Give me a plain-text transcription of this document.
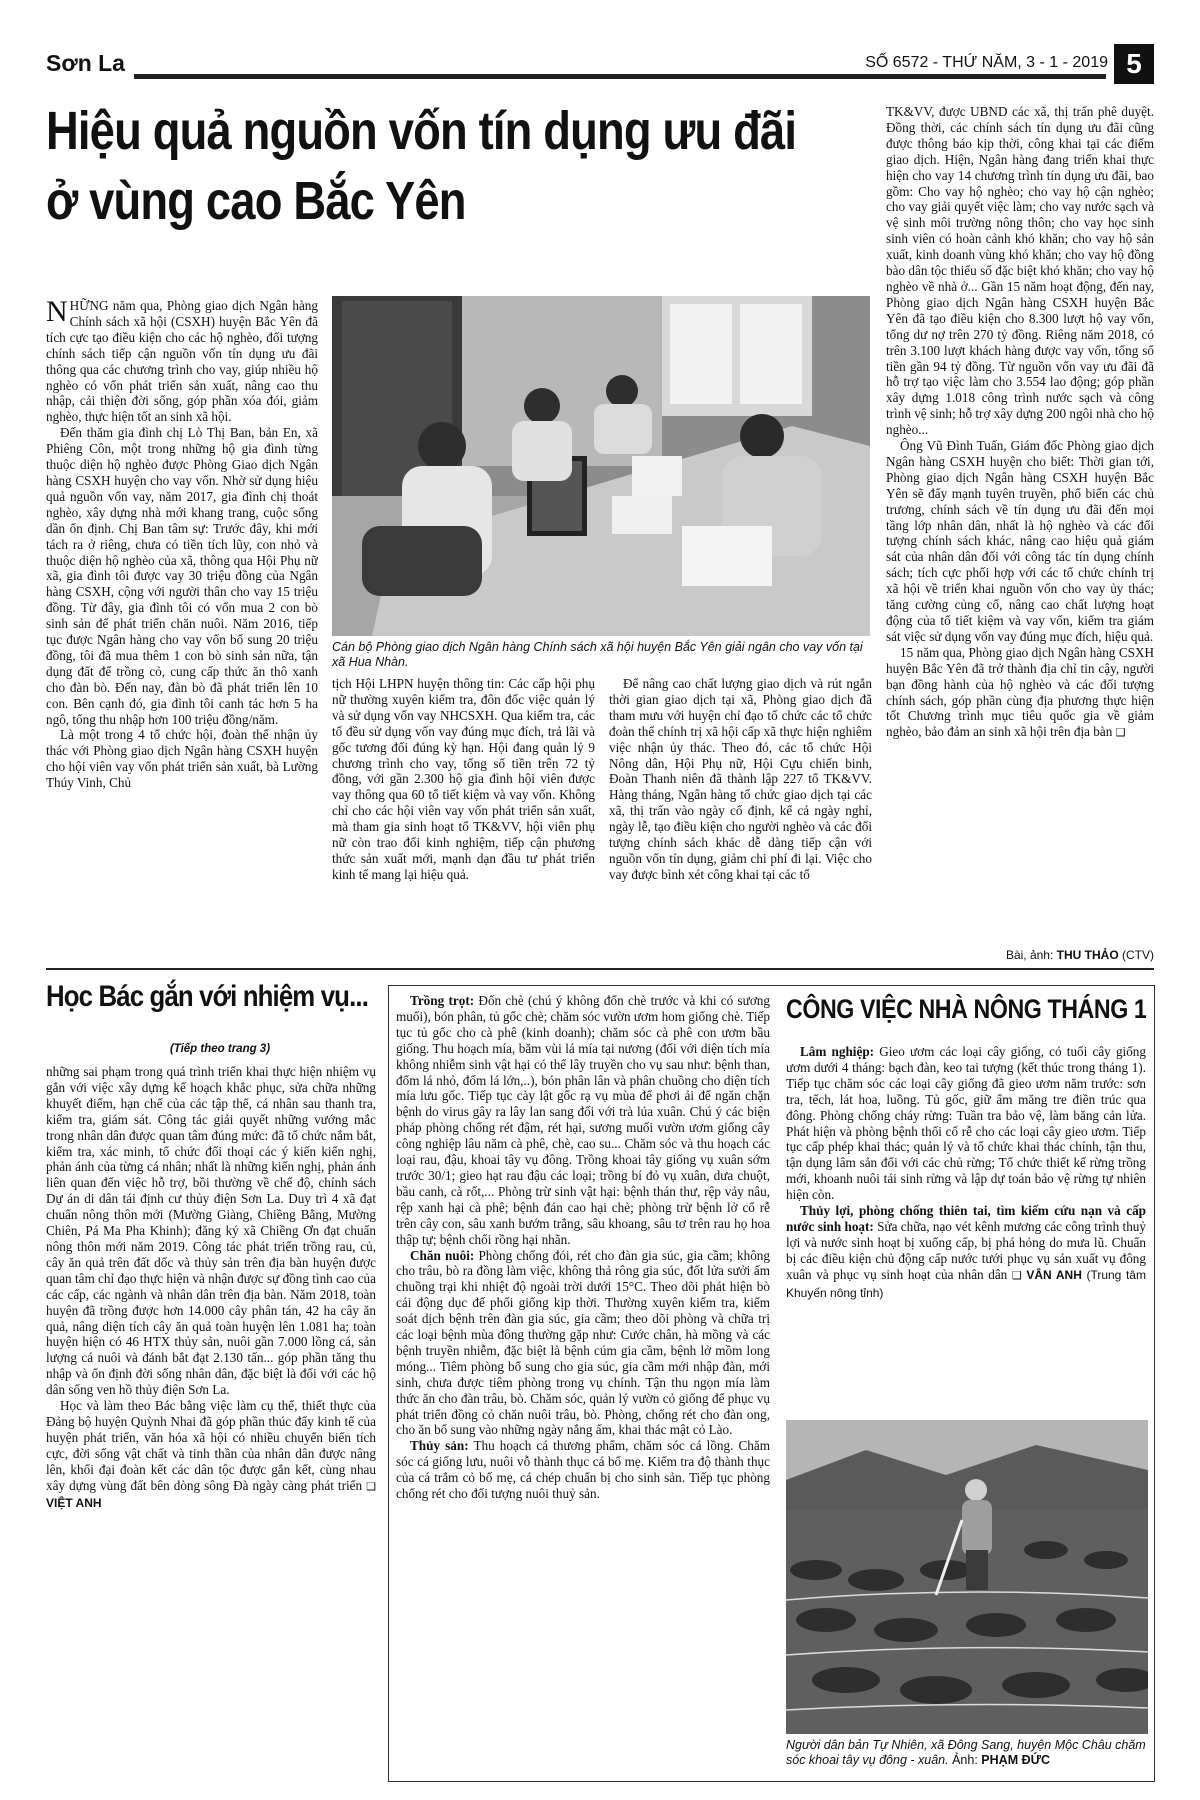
Sơn La	SỐ 6572 - THỨ NĂM, 3 - 1 - 2019 5
Hiệu quả nguồn vốn tín dụng ưu đãi
ở vùng cao Bắc Yên

NHỮNG năm qua, Phòng giao dịch Ngân hàng Chính sách xã hội (CSXH) huyện Bắc Yên đã tích cực tạo điều kiện cho các hộ nghèo, đối tượng chính sách tiếp cận nguồn vốn tín dụng ưu đãi thông qua các chương trình cho vay, giúp nhiều hộ nghèo có vốn phát triển sản xuất, nâng cao thu nhập, cải thiện đời sống, góp phần xóa đói, giảm nghèo, thực hiện tốt an sinh xã hội.

Đến thăm gia đình chị Lò Thị Ban, bản En, xã Phiêng Côn, một trong những hộ gia đình từng thuộc diện hộ nghèo được Phòng Giao dịch Ngân hàng CSXH huyện cho vay vốn. Nhờ sử dụng hiệu quả nguồn vốn vay, năm 2017, gia đình chị thoát nghèo, xây dựng nhà mới khang trang, cuộc sống dần ổn định. Chị Ban tâm sự: Trước đây, khi mới tách ra ở riêng, chưa có tiền tích lũy, con nhỏ và thuộc diện hộ nghèo của xã, thông qua Hội Phụ nữ xã, gia đình tôi được vay 30 triệu đồng của Ngân hàng CSXH, cộng với người thân cho vay 15 triệu đồng. Từ đây, gia đình tôi có vốn mua 2 con bò sinh sản để phát triển chăn nuôi. Năm 2016, tiếp tục được Ngân hàng cho vay vốn bổ sung 20 triệu đồng, tôi đã mua thêm 1 con bò sinh sản nữa, tận dụng đất để trồng cỏ, cung cấp thức ăn thô xanh cho đàn bò. Đến nay, đàn bò đã phát triển lên 10 con. Bên cạnh đó, gia đình tôi canh tác hơn 5 ha ngô, tổng thu nhập hơn 100 triệu đồng/năm.

Là một trong 4 tổ chức hội, đoàn thể nhận ủy thác với Phòng giao dịch Ngân hàng CSXH huyện cho hội viên vay vốn phát triển sản xuất, bà Lường Thúy Vinh, Chủ

Cán bộ Phòng giao dịch Ngân hàng Chính sách xã hội huyện Bắc Yên giải ngân cho vay vốn tại xã Hua Nhàn.

tịch Hội LHPN huyện thông tin: Các cấp hội phụ nữ thường xuyên kiểm tra, đôn đốc việc quản lý và sử dụng vốn vay NHCSXH. Qua kiểm tra, các tổ đều sử dụng vốn vay đúng mục đích, trả lãi và gốc tương đối đúng kỳ hạn. Hội đang quản lý 9 chương trình cho vay, tổng số tiền trên 72 tỷ đồng, với gần 2.300 hộ gia đình hội viên được vay thông qua 60 tổ tiết kiệm và vay vốn. Không chỉ cho các hội viên vay vốn phát triển sản xuất, mà tham gia sinh hoạt tổ TK&VV, hội viên phụ nữ còn trao đổi kinh nghiệm, tiếp cận phương thức sản xuất mới, mạnh dạn đầu tư phát triển kinh tế mang lại hiệu quả.

Để nâng cao chất lượng giao dịch và rút ngắn thời gian giao dịch tại xã, Phòng giao dịch đã tham mưu với huyện chỉ đạo tổ chức các tổ chức đoàn thể chính trị xã hội cấp xã thực hiện nghiêm việc nhận ủy thác. Theo đó, các tổ chức Hội Nông dân, Hội Phụ nữ, Hội Cựu chiến binh, Đoàn Thanh niên đã thành lập 227 tổ TK&VV. Hàng tháng, Ngân hàng tổ chức giao dịch tại các xã, thị trấn vào ngày cố định, kể cả ngày nghỉ, ngày lễ, tạo điều kiện cho người nghèo và các đối tượng chính sách khác dễ dàng tiếp cận với nguồn vốn tín dụng, giảm chi phí đi lại. Việc cho vay được bình xét công khai tại các tổ

TK&VV, được UBND các xã, thị trấn phê duyệt. Đồng thời, các chính sách tín dụng ưu đãi cũng được thông báo kịp thời, công khai tại các điểm giao dịch. Hiện, Ngân hàng đang triển khai thực hiện cho vay 14 chương trình tín dụng ưu đãi, bao gồm: Cho vay hộ nghèo; cho vay hộ cận nghèo; cho vay giải quyết việc làm; cho vay nước sạch và vệ sinh môi trường nông thôn; cho vay học sinh sinh viên có hoàn cảnh khó khăn; cho vay hộ sản xuất, kinh doanh vùng khó khăn; cho vay hộ đồng bào dân tộc thiểu số đặc biệt khó khăn; cho vay hộ nghèo về nhà ở... Gần 15 năm hoạt động, đến nay, Phòng giao dịch Ngân hàng CSXH huyện Bắc Yên đã tạo điều kiện cho 8.300 lượt hộ vay vốn, tổng dư nợ trên 270 tỷ đồng. Riêng năm 2018, có trên 3.100 lượt khách hàng được vay vốn, tổng số tiền gần 94 tỷ đồng. Từ nguồn vốn vay ưu đãi đã hỗ trợ tạo việc làm cho 3.554 lao động; góp phần xây dựng 1.018 công trình nước sạch và công trình vệ sinh; hỗ trợ xây dựng 200 ngôi nhà cho hộ nghèo...

Ông Vũ Đình Tuấn, Giám đốc Phòng giao dịch Ngân hàng CSXH huyện cho biết: Thời gian tới, Phòng giao dịch Ngân hàng CSXH huyện Bắc Yên sẽ đẩy mạnh tuyên truyền, phổ biến các chủ trương, chính sách về tín dụng ưu đãi đến mọi tầng lớp nhân dân, nhất là hộ nghèo và các đối tượng chính sách khác, nâng cao hiệu quả giám sát của nhân dân đối với công tác tín dụng chính sách; tích cực phối hợp với các tổ chức chính trị xã hội về triển khai nguồn vốn cho vay ủy thác; tăng cường củng cố, nâng cao chất lượng hoạt động của tổ tiết kiệm và vay vốn, kiểm tra giám sát việc sử dụng vốn vay đúng mục đích, hiệu quả.

15 năm qua, Phòng giao dịch Ngân hàng CSXH huyện Bắc Yên đã trở thành địa chỉ tin cậy, người bạn đồng hành của hộ nghèo và các đối tượng chính sách, góp phần cùng địa phương thực hiện tốt Chương trình mục tiêu quốc gia về giảm nghèo, bảo đảm an sinh xã hội trên địa bàn ❑

Bài, ảnh: THU THẢO (CTV)
Học Bác gắn với nhiệm vụ...
(Tiếp theo trang 3)

những sai phạm trong quá trình triển khai thực hiện nhiệm vụ gắn với việc xây dựng kế hoạch khắc phục, sửa chữa những khuyết điểm, hạn chế của các tập thể, cá nhân sau thanh tra, kiểm tra, giám sát. Công tác giải quyết những vướng mắc trong nhân dân được quan tâm đúng mức: đã tổ chức nắm bắt, kiểm tra, xác minh, tổ chức đối thoại các ý kiến kiến nghị, phản ánh của từng cá nhân; nhất là những kiến nghị, phản ánh liên quan đến việc hỗ trợ, bồi thường về chế độ, chính sách Dự án di dân tái định cư thủy điện Sơn La. Duy trì 4 xã đạt chuẩn nông thôn mới (Mường Giàng, Chiềng Bằng, Mường Chiên, Pá Ma Pha Khinh); đăng ký xã Chiềng Ơn đạt chuẩn nông thôn mới năm 2019. Công tác phát triển trồng rau, củ, cây ăn quả trên đất dốc và thủy sản trên địa bàn huyện được quan tâm chỉ đạo thực hiện và nhận được sự đồng tình cao của các cấp, các ngành và nhân dân trên địa bàn. Năm 2018, toàn huyện đã trồng được hơn 14.000 cây phân tán, 42 ha cây ăn quả, nâng diện tích cây ăn quả toàn huyện lên 1.081 ha; toàn huyện hiện có 46 HTX thủy sản, nuôi gần 7.000 lồng cá, sản lượng cá nuôi và đánh bắt đạt 2.130 tấn... góp phần tăng thu nhập và ổn định đời sống nhân dân, đặc biệt là đối với các hộ dân sống ven hồ thủy điện Sơn La.

Học và làm theo Bác bằng việc làm cụ thể, thiết thực của Đảng bộ huyện Quỳnh Nhai đã góp phần thúc đẩy kinh tế của huyện phát triển, văn hóa xã hội có nhiều chuyển biến tích cực, đời sống vật chất và tinh thần của nhân dân được nâng lên, khối đại đoàn kết các dân tộc được gắn kết, cùng nhau xây dựng vùng đất bên dòng sông Đà ngày càng phát triển ❑ VIỆT ANH

Trồng trọt: Đốn chè (chú ý không đốn chè trước và khi có sương muối), bón phân, tủ gốc chè; chăm sóc vườn ươm hom giống chè. Tiếp tục tủ gốc cho cà phê (kinh doanh); chăm sóc cà phê con ươm bầu giống. Thu hoạch mía, băm vùi lá mía tại nương (đối với diện tích mía không nhiễm sinh vật hại có thể lây truyền cho vụ sau như: bệnh than, đốm lá nhỏ, đốm lá lớn,..), bón phân lân và phân chuồng cho diện tích mía lưu gốc. Tiếp tục cày lật gốc rạ vụ mùa để phơi ải để ngăn chặn bệnh do virus gây ra lây lan sang đối với trà lúa xuân. Chú ý các biện pháp phòng chống rét đậm, rét hại, sương muối vườn ươm giống cây công nghiệp lâu năm cà phê, chè, cao su... Chăm sóc và thu hoạch các loại rau, đậu, khoai tây vụ đông. Trồng khoai tây giống vụ xuân sớm trước 30/1; gieo hạt rau đậu các loại; trồng bí đỏ vụ xuân, dưa chuột, bầu canh, cà rốt,... Phòng trừ sinh vật hại: bệnh thán thư, rệp vảy nâu, rệp xanh hại cà phê; bệnh đán cao hại chè; phòng trừ bệnh lở cổ rễ trên cây con, sâu xanh bướm trắng, sâu khoang, sâu tơ trên rau họ hoa thập tự; bệnh chổi rồng hại nhãn.

Chăn nuôi: Phòng chống đói, rét cho đàn gia súc, gia cầm; không cho trâu, bò ra đồng làm việc, không thả rông gia súc, đốt lửa sưởi ấm chuồng trại khi nhiệt độ ngoài trời dưới 15°C. Theo dõi phát hiện bò cái động dục để phối giống kịp thời. Thường xuyên kiểm tra, kiểm soát dịch bệnh trên đàn gia súc, gia cầm; theo dõi phòng và chữa trị các loại bệnh mùa đông thường gặp như: Cước chân, hà mồng và các bệnh truyền nhiễm, đặc biệt là bệnh cúm gia cầm, bệnh lở mồm long móng... Tiêm phòng bổ sung cho gia súc, gia cầm mới nhập đàn, mới sinh, chưa được tiêm phòng trong vụ chính. Tận thu ngọn mía làm thức ăn cho đàn trâu, bò. Chăm sóc, quản lý vườn cỏ giống để phục vụ phát triển đồng cỏ chăn nuôi trâu, bò. Phòng, chống rét cho đàn ong, cho ăn bổ sung vào những ngày nắng ấm, khai thác mật cỏ Lào.

Thủy sản: Thu hoạch cá thương phẩm, chăm sóc cá lồng. Chăm sóc cá giống lưu, nuôi vỗ thành thục cá bố mẹ. Kiểm tra độ thành thục của cá trắm cỏ bố mẹ, cá chép chuẩn bị cho sinh sản. Tiếp tục phòng chống rét cho đối tượng nuôi thuỷ sản.

CÔNG VIỆC NHÀ NÔNG THÁNG 1

Lâm nghiệp: Gieo ươm các loại cây giống, có tuổi cây giống ươm dưới 4 tháng: bạch đàn, keo tai tượng (kết thúc trong tháng 1). Tiếp tục chăm sóc các loại cây giống đã gieo ươm năm trước: sơn tra, tếch, lát hoa, luồng. Tủ gốc, giữ ẩm măng tre điền trúc qua đông. Phòng chống cháy rừng: Tuần tra bảo vệ, làm băng cản lửa. Phát hiện và phòng bệnh thối cổ rễ cho các loại cây gieo ươm. Tiếp tục cấp phép khai thác; quản lý và tổ chức khai thác chính, tận thu, tận dụng lâm sản đối với các chủ rừng; Tổ chức thiết kế rừng trồng mới, khoanh nuôi tái sinh rừng và lập dự toán bảo vệ rừng tự nhiên hiện còn.

Thủy lợi, phòng chống thiên tai, tìm kiếm cứu nạn và cấp nước sinh hoạt: Sửa chữa, nạo vét kênh mương các công trình thuỷ lợi và nước sinh hoạt bị xuống cấp, bị phá hỏng do mưa lũ. Chuẩn bị các điều kiện chủ động cấp nước tưới phục vụ sản xuất vụ đông xuân và phục vụ sinh hoạt của nhân dân ❑ VÂN ANH (Trung tâm Khuyến nông tỉnh)

Người dân bản Tự Nhiên, xã Đông Sang, huyện Mộc Châu chăm sóc khoai tây vụ đông - xuân. Ảnh: PHẠM ĐỨC
